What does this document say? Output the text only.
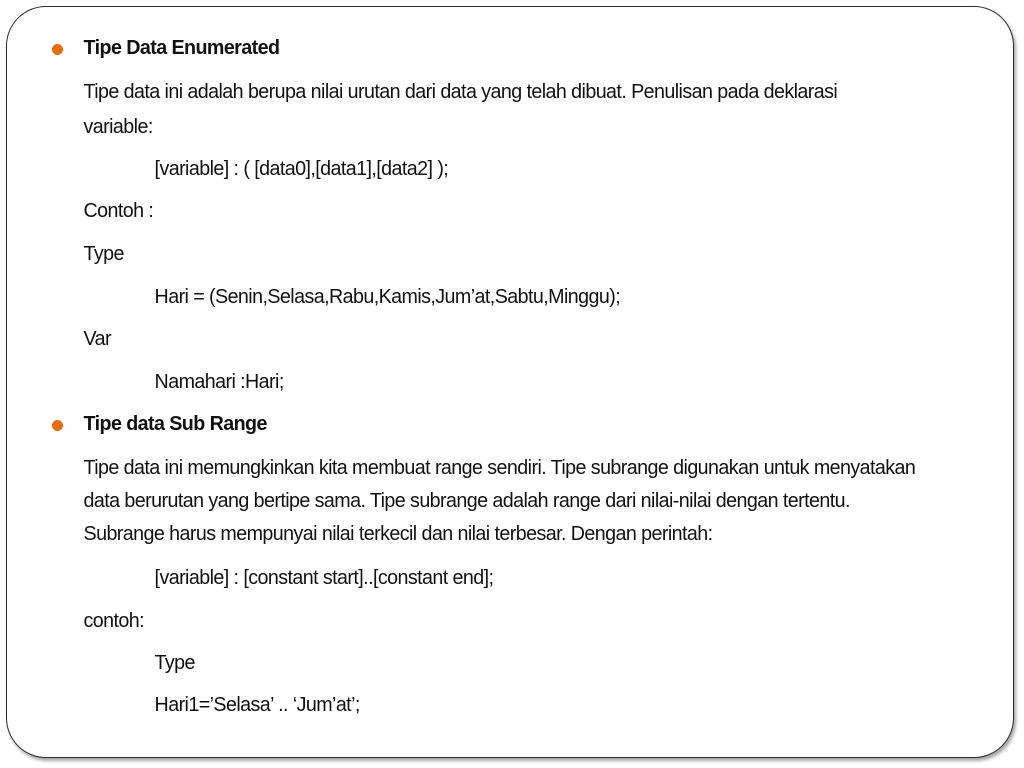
Tipe Data Enumerated
Tipe data ini adalah berupa nilai urutan dari data yang telah dibuat. Penulisan pada deklarasi
variable:
[variable] : ( [data0],[data1],[data2] );
Contoh :
Type
Hari = (Senin,Selasa,Rabu,Kamis,Jum’at,Sabtu,Minggu);
Var
Namahari :Hari;
Tipe data Sub Range
Tipe data ini memungkinkan kita membuat range sendiri. Tipe subrange digunakan untuk menyatakan
data berurutan yang bertipe sama. Tipe subrange adalah range dari nilai-nilai dengan tertentu.
Subrange harus mempunyai nilai terkecil dan nilai terbesar. Dengan perintah:
[variable] : [constant start]..[constant end];
contoh:
Type
Hari1=’Selasa’ .. ‘Jum’at’;
